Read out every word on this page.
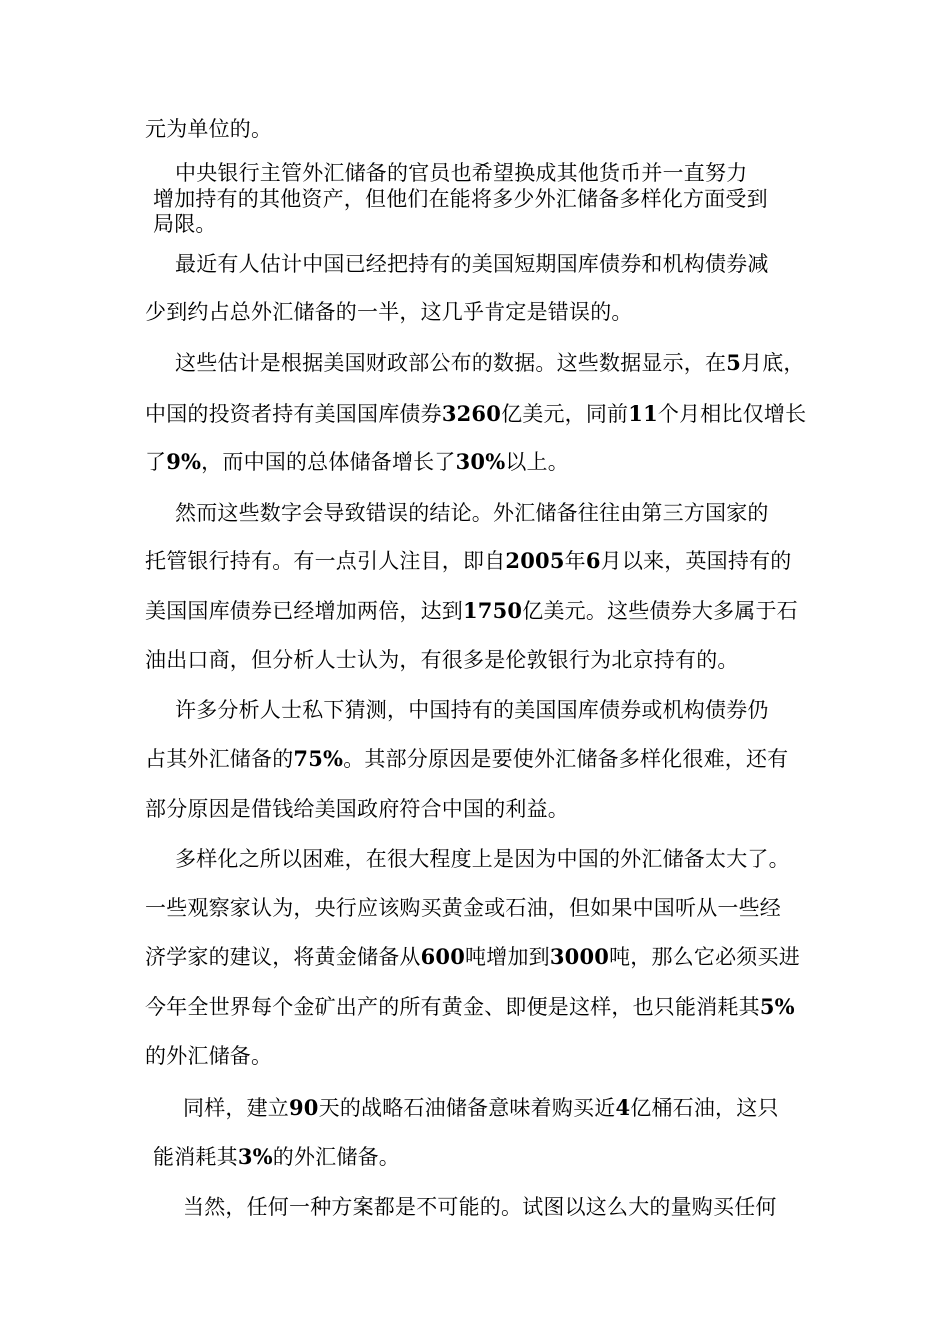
元为单位的。
中央银行主管外汇储备的官员也希望换成其他货币并一直努力
增加持有的其他资产，但他们在能将多少外汇储备多样化方面受到
局限。
最近有人估计中国已经把持有的美国短期国库债券和机构债券减
少到约占总外汇储备的一半，这几乎肯定是错误的。
这些估计是根据美国财政部公布的数据。这些数据显示，在5月底，
中国的投资者持有美国国库债券3260亿美元，同前11个月相比仅增长
了9%，而中国的总体储备增长了30%以上。
然而这些数字会导致错误的结论。外汇储备往往由第三方国家的
托管银行持有。有一点引人注目，即自2005年6月以来，英国持有的
美国国库债券已经增加两倍，达到1750亿美元。这些债券大多属于石
油出口商，但分析人士认为，有很多是伦敦银行为北京持有的。
许多分析人士私下猜测，中国持有的美国国库债券或机构债券仍
占其外汇储备的75%。其部分原因是要使外汇储备多样化很难，还有
部分原因是借钱给美国政府符合中国的利益。
多样化之所以困难，在很大程度上是因为中国的外汇储备太大了。
一些观察家认为，央行应该购买黄金或石油，但如果中国听从一些经
济学家的建议，将黄金储备从600吨增加到3000吨，那么它必须买进
今年全世界每个金矿出产的所有黄金、即便是这样，也只能消耗其5%
的外汇储备。
同样，建立90天的战略石油储备意味着购买近4亿桶石油，这只
能消耗其3%的外汇储备。
当然，任何一种方案都是不可能的。试图以这么大的量购买任何
